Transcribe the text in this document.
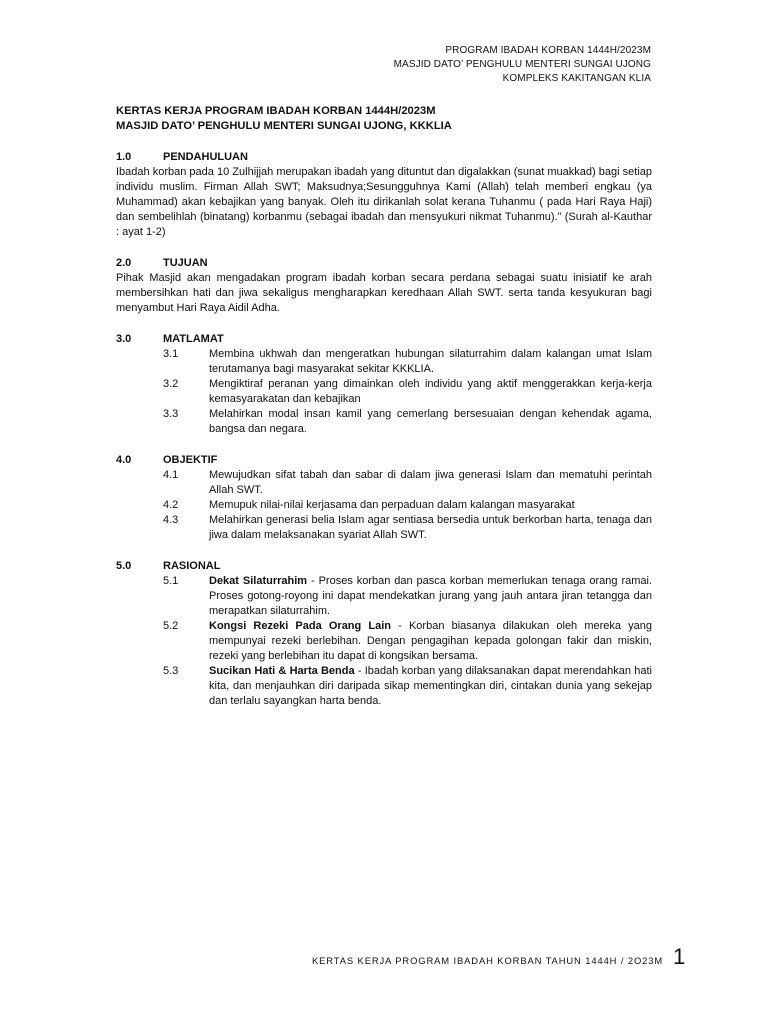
PROGRAM IBADAH KORBAN 1444H/2023M
MASJID DATO’ PENGHULU MENTERI SUNGAI UJONG
KOMPLEKS KAKITANGAN KLIA
KERTAS KERJA PROGRAM IBADAH KORBAN 1444H/2023M
MASJID DATO’ PENGHULU MENTERI SUNGAI UJONG, KKKLIA
1.0	PENDAHULUAN

Ibadah korban pada 10 Zulhijjah merupakan ibadah yang dituntut dan digalakkan (sunat muakkad) bagi setiap individu muslim. Firman Allah SWT; Maksudnya;Sesungguhnya Kami (Allah) telah memberi engkau (ya Muhammad) akan kebajikan yang banyak. Oleh itu dirikanlah solat kerana Tuhanmu ( pada Hari Raya Haji) dan sembelihlah (binatang) korbanmu (sebagai ibadah dan mensyukuri nikmat Tuhanmu).” (Surah al-Kauthar : ayat 1-2)

2.0	TUJUAN

Pihak Masjid akan mengadakan program ibadah korban secara perdana sebagai suatu inisiatif ke arah membersihkan hati dan jiwa sekaligus mengharapkan keredhaan Allah SWT. serta tanda kesyukuran bagi menyambut Hari Raya Aidil Adha.

3.0	MATLAMAT
3.1	Membina ukhwah dan mengeratkan hubungan silaturrahim dalam kalangan umat Islam terutamanya bagi masyarakat sekitar KKKLIA.
3.2	Mengiktiraf peranan yang dimainkan oleh individu yang aktif menggerakkan kerja-kerja kemasyarakatan dan kebajikan
3.3	Melahirkan modal insan kamil yang cemerlang bersesuaian dengan kehendak agama, bangsa dan negara.
4.0	OBJEKTIF
4.1	Mewujudkan sifat tabah dan sabar di dalam jiwa generasi Islam dan mematuhi perintah Allah SWT.
4.2	Memupuk nilai-nilai kerjasama dan perpaduan dalam kalangan masyarakat
4.3	Melahirkan generasi belia Islam agar sentiasa bersedia untuk berkorban harta, tenaga dan jiwa dalam melaksanakan syariat Allah SWT.
5.0	RASIONAL
5.1	Dekat Silaturrahim - Proses korban dan pasca korban memerlukan tenaga orang ramai. Proses gotong-royong ini dapat mendekatkan jurang yang jauh antara jiran tetangga dan merapatkan silaturrahim.
5.2	Kongsi Rezeki Pada Orang Lain - Korban biasanya dilakukan oleh mereka yang mempunyai rezeki berlebihan. Dengan pengagihan kepada golongan fakir dan miskin, rezeki yang berlebihan itu dapat di kongsikan bersama.
5.3	Sucikan Hati & Harta Benda - Ibadah korban yang dilaksanakan dapat merendahkan hati kita, dan menjauhkan diri daripada sikap mementingkan diri, cintakan dunia yang sekejap dan terlalu sayangkan harta benda.
KERTAS KERJA PROGRAM IBADAH KORBAN TAHUN 1444H / 2O23M 1
